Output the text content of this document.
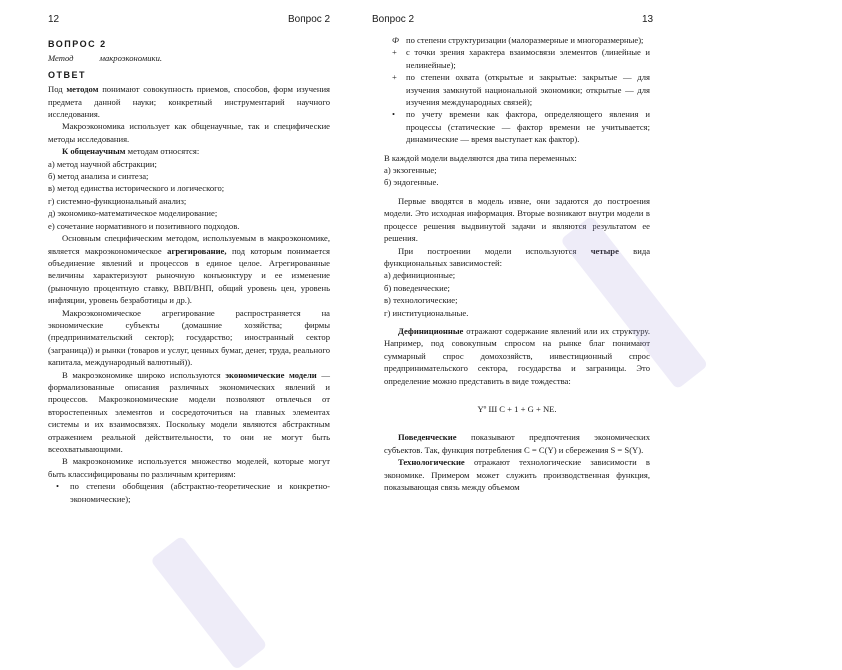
12	Вопрос 2	Вопрос 2	13

ВОПРОС 2

Метод	макроэкономики.

ОТВЕТ

Под методом понимают совокупность приемов, способов, форм изучения предмета данной науки; конкретный инструментарий научного исследования.

Макроэкономика использует как общенаучные, так и специфические методы исследования.

К общенаучным методам относятся:

а) метод научной абстракции;

б) метод анализа и синтеза;

в) метод единства исторического и логического;

г) системно-функциональный анализ;

д) экономико-математическое моделирование;

е) сочетание нормативного и позитивного подходов.

Основным специфическим методом, используемым в макроэкономике, является макроэкономическое агрегирование, под которым понимается объединение явлений и процессов в единое целое. Агрегированные величины характеризуют рыночную конъюнктуру и ее изменение (рыночную процентную ставку, ВВП/ВНП, общий уровень цен, уровень инфляции, уровень безработицы и др.).

Макроэкономическое агрегирование распространяется на экономические субъекты (домашние хозяйства; фирмы (предпринимательский сектор); государство; иностранный сектор (заграница)) и рынки (товаров и услуг, ценных бумаг, денег, труда, реального капитала, международный валютный)).

В макроэкономике широко используются экономические модели — формализованные описания различных экономических явлений и процессов. Макроэкономические модели позволяют отвлечься от второстепенных элементов и сосредоточиться на главных элементах системы и их взаимосвязях. Поскольку модели являются абстрактным отражением реальной действительности, то они не могут быть всеохватывающими.

В макроэкономике используется множество моделей, которые могут быть классифицированы по различным критериям:

• по степени обобщения (абстрактно-теоретические и конкретно-экономические);

Ф по степени структуризации (малоразмерные и многоразмерные);

+ с точки зрения характера взаимосвязи элементов (линейные и нелинейные);

+ по степени охвата (открытые и закрытые: закрытые — для изучения замкнутой национальной экономики; открытые — для изучения международных связей);

• по учету времени как фактора, определяющего явления и процессы (статические — фактор времени не учитывается; динамические — время выступает как фактор).

В каждой модели выделяются два типа переменных:

а) экзогенные;

б) эндогенные.

Первые вводятся в модель извне, они задаются до построения модели. Это исходная информация. Вторые возникают внутри модели в процессе решения выдвинутой задачи и являются результатом ее решения.

При построении модели используются четыре вида функциональных зависимостей:

а) дефиниционные;

б) поведенческие;

в) технологические;

г) институциональные.

Дефиниционные отражают содержание явлений или их структуру. Например, под совокупным спросом на рынке благ понимают суммарный спрос домохозяйств, инвестиционный спрос предпринимательского сектора, государства и заграницы. Это определение можно представить в виде тождества:

Yº Ш C + 1 + G + NE.

Поведенческие показывают предпочтения экономических субъектов. Так, функция потребления С = С(Y) и сбережения S = S(Y).

Технологические отражают технологические зависимости в экономике. Примером может служить производственная функция, показывающая связь между объемом
